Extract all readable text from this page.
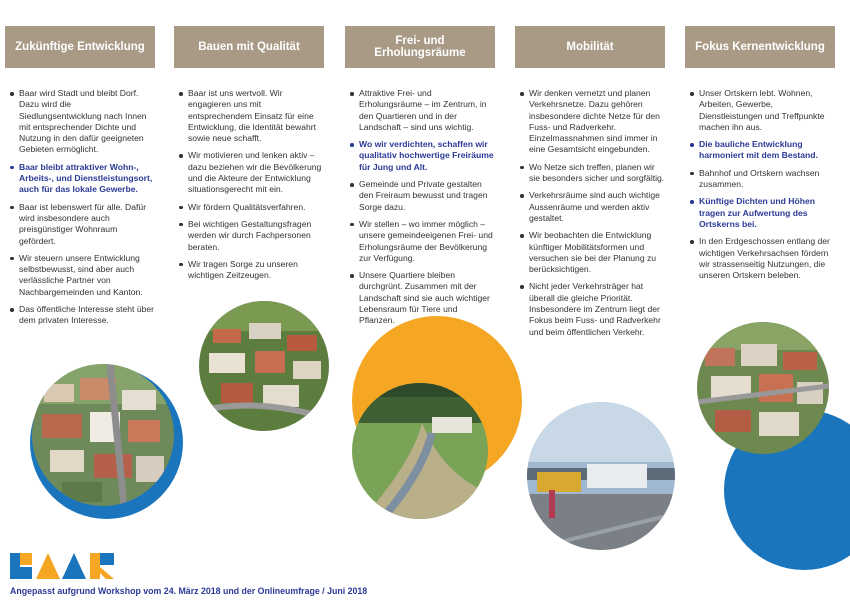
Zukünftige Entwicklung
Baar wird Stadt und bleibt Dorf. Dazu wird die Siedlungsentwicklung nach Innen mit entsprechender Dichte und Nutzung in den dafür geeigneten Gebieten ermöglicht.
Baar bleibt attraktiver Wohn-, Arbeits-, und Dienstleistungsort, auch für das lokale Gewerbe.
Baar ist lebenswert für alle. Dafür wird insbesondere auch preisgünstiger Wohnraum gefördert.
Wir steuern unsere Entwicklung selbstbewusst, sind aber auch verlässliche Partner von Nachbargemeinden und Kanton.
Das öffentliche Interesse steht über dem privaten Interesse.
Bauen mit Qualität
Baar ist uns wertvoll. Wir engagieren uns mit entsprechendem Einsatz für eine Entwicklung, die Identität bewahrt sowie neue schafft.
Wir motivieren und lenken aktiv – dazu beziehen wir die Bevölkerung und die Akteure der Entwicklung situationsgerecht mit ein.
Wir fördern Qualitätsverfahren.
Bei wichtigen Gestaltungsfragen werden wir durch Fachpersonen beraten.
Wir tragen Sorge zu unseren wichtigen Zeitzeugen.
Frei- und Erholungsräume
Attraktive Frei- und Erholungsräume – im Zentrum, in den Quartieren und in der Landschaft – sind uns wichtig.
Wo wir verdichten, schaffen wir qualitativ hochwertige Freiräume für Jung und Alt.
Gemeinde und Private gestalten den Freiraum bewusst und tragen Sorge dazu.
Wir stellen – wo immer möglich – unsere gemeindeeigenen Frei- und Erholungsräume der Bevölkerung zur Verfügung.
Unsere Quartiere bleiben durchgrünt. Zusammen mit der Landschaft sind sie auch wichtiger Lebensraum für Tiere und Pflanzen.
Mobilität
Wir denken vernetzt und planen Verkehrsnetze. Dazu gehören insbesondere dichte Netze für den Fuss- und Radverkehr. Einzelmassnahmen sind immer in eine Gesamtsicht eingebunden.
Wo Netze sich treffen, planen wir sie besonders sicher und sorgfältig.
Verkehrsräume sind auch wichtige Aussenräume und werden aktiv gestaltet.
Wir beobachten die Entwicklung künftiger Mobilitätsformen und versuchen sie bei der Planung zu berücksichtigen.
Nicht jeder Verkehrsträger hat überall die gleiche Priorität. Insbesondere im Zentrum liegt der Fokus beim Fuss- und Radverkehr und beim öffentlichen Verkehr.
Fokus Kernentwicklung
Unser Ortskern lebt. Wohnen, Arbeiten, Gewerbe, Dienstleistungen und Treffpunkte machen ihn aus.
Die bauliche Entwicklung harmoniert mit dem Bestand.
Bahnhof und Ortskern wachsen zusammen.
Künftige Dichten und Höhen tragen zur Aufwertung des Ortskerns bei.
In den Erdgeschossen entlang der wichtigen Verkehrsachsen fördern wir strassenseitig Nutzungen, die unseren Ortskern beleben.
Angepasst aufgrund Workshop vom 24. März 2018 und der Onlineumfrage / Juni 2018
